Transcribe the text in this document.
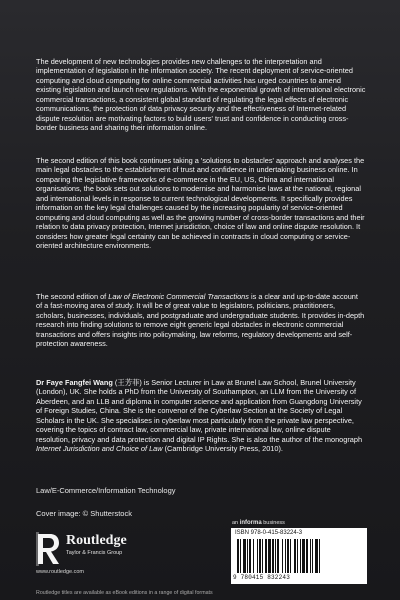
The development of new technologies provides new challenges to the interpretation and implementation of legislation in the information society. The recent deployment of service-oriented computing and cloud computing for online commercial activities has urged countries to amend existing legislation and launch new regulations. With the exponential growth of international electronic commercial transactions, a consistent global standard of regulating the legal effects of electronic communications, the protection of data privacy security and the effectiveness of Internet-related dispute resolution are motivating factors to build users' trust and confidence in conducting cross-border business and sharing their information online.

The second edition of this book continues taking a 'solutions to obstacles' approach and analyses the main legal obstacles to the establishment of trust and confidence in undertaking business online. In comparing the legislative frameworks of e-commerce in the EU, US, China and international organisations, the book sets out solutions to modernise and harmonise laws at the national, regional and international levels in response to current technological developments. It specifically provides information on the key legal challenges caused by the increasing popularity of service-oriented computing and cloud computing as well as the growing number of cross-border transactions and their relation to data privacy protection, Internet jurisdiction, choice of law and online dispute resolution. It considers how greater legal certainty can be achieved in contracts in cloud computing or service-oriented architecture environments.

The second edition of Law of Electronic Commercial Transactions is a clear and up-to-date account of a fast-moving area of study. It will be of great value to legislators, politicians, practitioners, scholars, businesses, individuals, and postgraduate and undergraduate students. It provides in-depth research into finding solutions to remove eight generic legal obstacles in electronic commercial transactions and offers insights into policymaking, law reforms, regulatory developments and self-protection awareness.

Dr Faye Fangfei Wang (王芳菲) is Senior Lecturer in Law at Brunel Law School, Brunel University (London), UK. She holds a PhD from the University of Southampton, an LLM from the University of Aberdeen, and an LLB and diploma in computer science and application from Guangdong University of Foreign Studies, China. She is the convenor of the Cyberlaw Section at the Society of Legal Scholars in the UK. She specialises in cyberlaw most particularly from the private law perspective, covering the topics of contract law, commercial law, private international law, online dispute resolution, privacy and data protection and digital IP Rights. She is also the author of the monograph Internet Jurisdiction and Choice of Law (Cambridge University Press, 2010).

Law/E-Commerce/Information Technology
Cover image: © Shutterstock
Routledge
Taylor & Francis Group
www.routledge.com
an informa business
ISBN 978-0-415-83224-3
9 780415 832243
Routledge titles are available as eBook editions in a range of digital formats
